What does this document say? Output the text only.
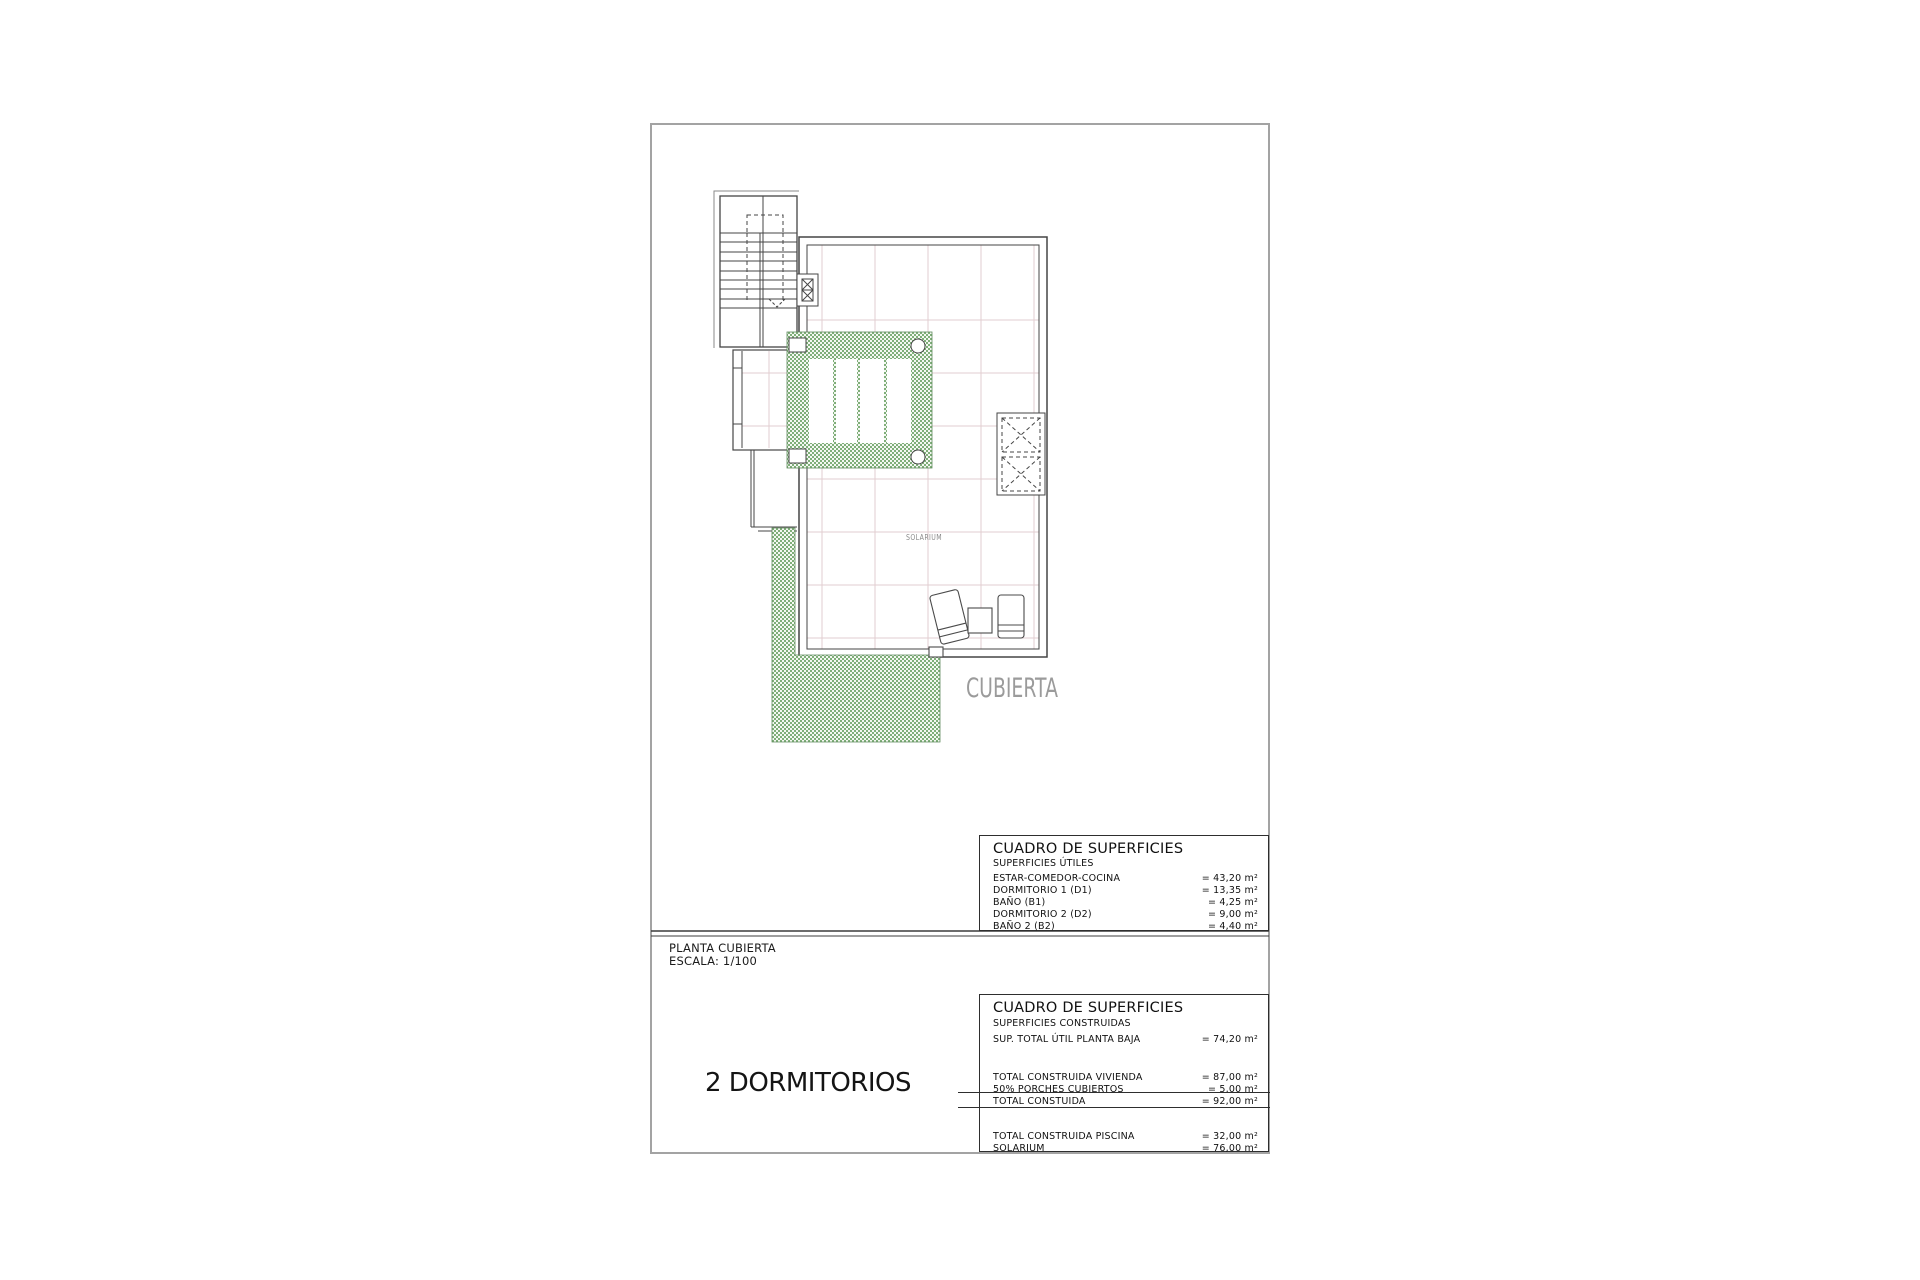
SOLARIUM
CUBIERTA
PLANTA CUBIERTA
ESCALA: 1/100
2 DORMITORIOS
CUADRO DE SUPERFICIES
SUPERFICIES ÚTILES
ESTAR-COMEDOR-COCINA	= 43,20 m²
DORMITORIO 1 (D1)	= 13,35 m²
BAÑO (B1)	= 4,25 m²
DORMITORIO 2 (D2)	= 9,00 m²
BAÑO 2 (B2)	= 4,40 m²
CUADRO DE SUPERFICIES
SUPERFICIES CONSTRUIDAS
SUP. TOTAL ÚTIL PLANTA BAJA	= 74,20 m²
TOTAL CONSTRUIDA VIVIENDA	= 87,00 m²
50% PORCHES CUBIERTOS	= 5,00 m²
TOTAL CONSTUIDA	= 92,00 m²
TOTAL CONSTRUIDA PISCINA	= 32,00 m²
SOLARIUM	= 76,00 m²
